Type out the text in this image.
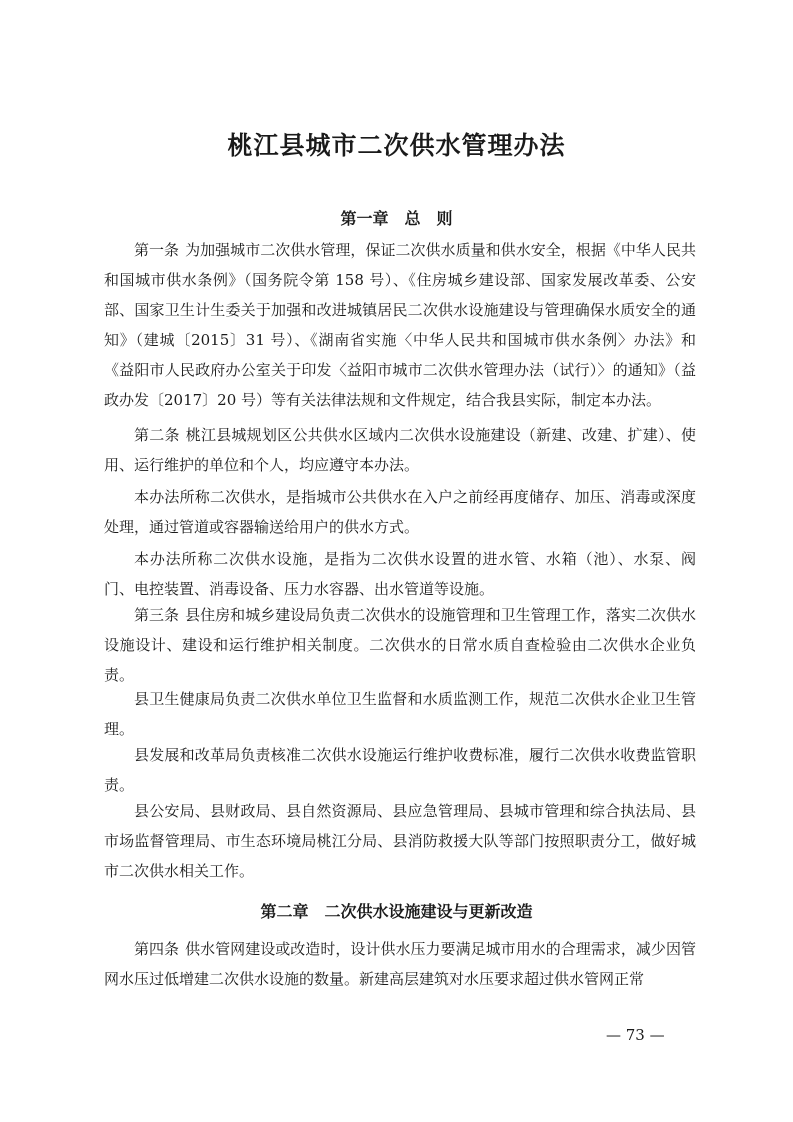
桃江县城市二次供水管理办法
第一章　总　则

第一条 为加强城市二次供水管理，保证二次供水质量和供水安全，根据《中华人民共和国城市供水条例》（国务院令第 158 号）、《住房城乡建设部、国家发展改革委、公安部、国家卫生计生委关于加强和改进城镇居民二次供水设施建设与管理确保水质安全的通知》（建城〔2015〕31 号）、《湖南省实施〈中华人民共和国城市供水条例〉办法》和《益阳市人民政府办公室关于印发〈益阳市城市二次供水管理办法（试行）〉的通知》（益政办发〔2017〕20 号）等有关法律法规和文件规定，结合我县实际，制定本办法。

第二条 桃江县城规划区公共供水区域内二次供水设施建设（新建、改建、扩建）、使用、运行维护的单位和个人，均应遵守本办法。

本办法所称二次供水，是指城市公共供水在入户之前经再度储存、加压、消毒或深度处理，通过管道或容器输送给用户的供水方式。

本办法所称二次供水设施，是指为二次供水设置的进水管、水箱（池）、水泵、阀门、电控装置、消毒设备、压力水容器、出水管道等设施。

第三条 县住房和城乡建设局负责二次供水的设施管理和卫生管理工作，落实二次供水设施设计、建设和运行维护相关制度。二次供水的日常水质自查检验由二次供水企业负责。

县卫生健康局负责二次供水单位卫生监督和水质监测工作，规范二次供水企业卫生管理。

县发展和改革局负责核准二次供水设施运行维护收费标准，履行二次供水收费监管职责。

县公安局、县财政局、县自然资源局、县应急管理局、县城市管理和综合执法局、县市场监督管理局、市生态环境局桃江分局、县消防救援大队等部门按照职责分工，做好城市二次供水相关工作。

第二章　二次供水设施建设与更新改造

第四条 供水管网建设或改造时，设计供水压力要满足城市用水的合理需求，减少因管网水压过低增建二次供水设施的数量。新建高层建筑对水压要求超过供水管网正常

— 73 —
